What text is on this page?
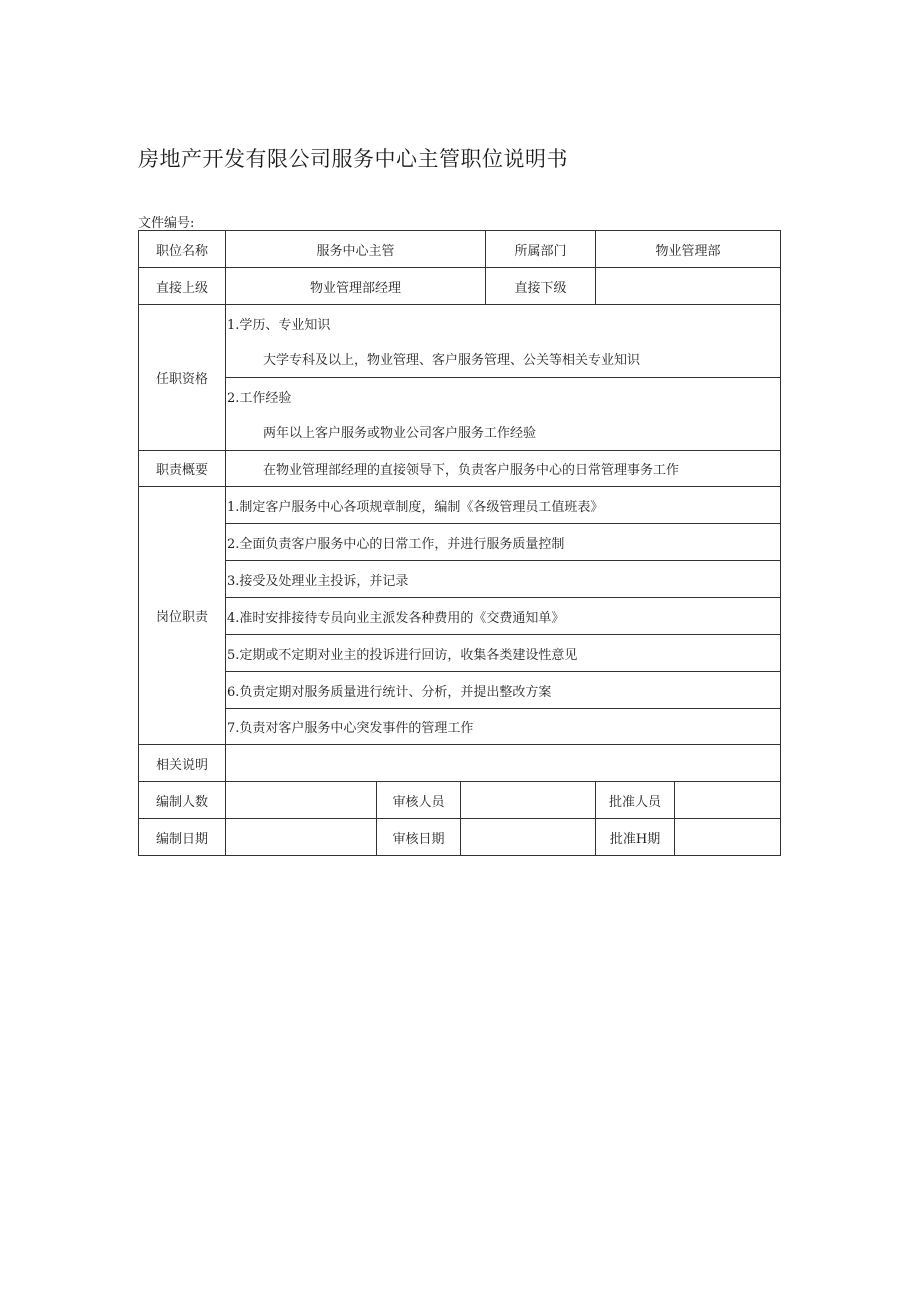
房地产开发有限公司服务中心主管职位说明书
文件编号:
职位名称	服务中心主管			所属部门	物业管理部	
直接上级	物业管理部经理			直接下级		
任职资格	1.学历、专业知识
大学专科及以上，物业管理、客户服务管理、公关等相关专业知识					

	2.工作经验
两年以上客户服务或物业公司客户服务工作经验					

职责概要	在物业管理部经理的直接领导下，负责客户服务中心的日常管理事务工作					
岗位职责	1.制定客户服务中心各项规章制度，编制《各级管理员工值班表》					
	2.全面负责客户服务中心的日常工作，并进行服务质量控制					
	3.接受及处理业主投诉，并记录					
	4.准时安排接待专员向业主派发各种费用的《交费通知单》					
	5.定期或不定期对业主的投诉进行回访，收集各类建设性意见					
	6.负责定期对服务质量进行统计、分析，并提出整改方案					
	7.负责对客户服务中心突发事件的管理工作					
相关说明						
编制人数		审核人员			批准人员	
编制日期		审核日期			批准H期	
